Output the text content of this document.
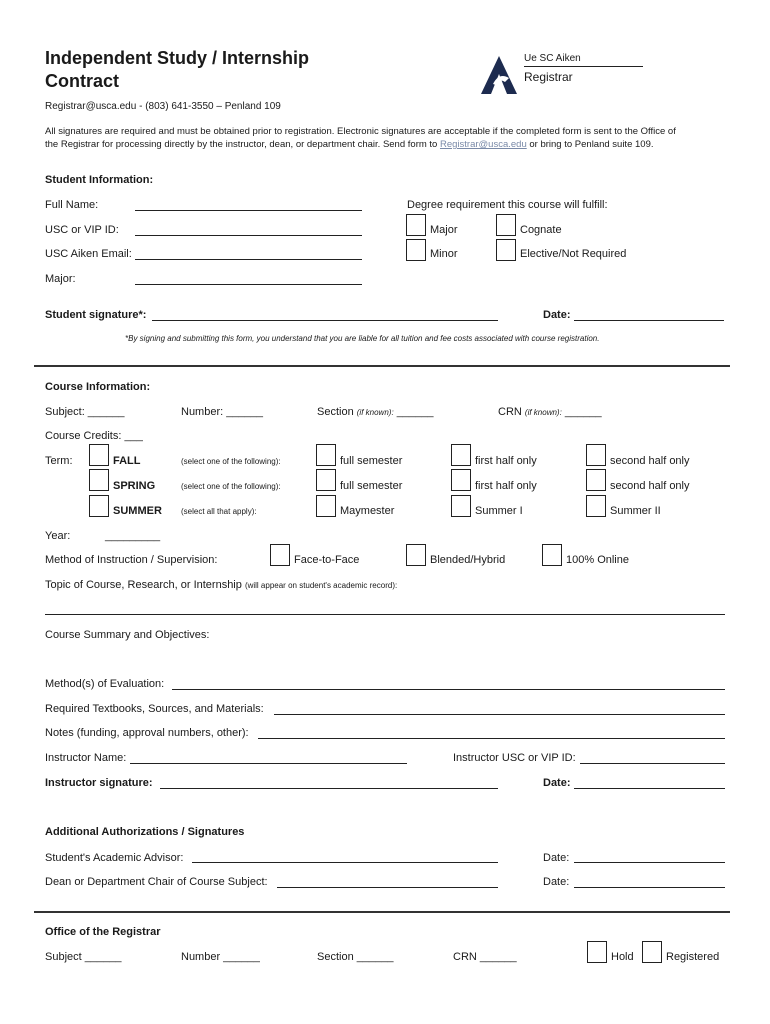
Independent Study / Internship
Contract
Ue SC Aiken
Registrar
Registrar@usca.edu - (803) 641-3550 – Penland 109
All signatures are required and must be obtained prior to registration. Electronic signatures are acceptable if the completed form is sent to the Office of
the Registrar for processing directly by the instructor, dean, or department chair. Send form to Registrar@usca.edu or bring to Penland suite 109.
Student Information:
Full Name:
USC or VIP ID:
USC Aiken Email:
Major:
Degree requirement this course will fulfill:
Major	Cognate
Minor	Elective/Not Required
Student signature*:	Date:
*By signing and submitting this form, you understand that you are liable for all tuition and fee costs associated with course registration.
Course Information:
Subject: ______	Number: ______	Section (if known): ______	CRN (if known): ______
Course Credits: ___
Term:	FALL	(select one of the following):	full semester	first half only	second half only
SPRING	(select one of the following):	full semester	first half only	second half only
SUMMER (select all that apply):	Maymester	Summer I	Summer II
Year:	_________
Method of Instruction / Supervision:	Face-to-Face	Blended/Hybrid	100% Online
Topic of Course, Research, or Internship (will appear on student's academic record):
Course Summary and Objectives:
Method(s) of Evaluation:
Required Textbooks, Sources, and Materials:
Notes (funding, approval numbers, other):
Instructor Name:	Instructor USC or VIP ID:
Instructor signature:	Date:
Additional Authorizations / Signatures
Student's Academic Advisor:	Date:
Dean or Department Chair of Course Subject:	Date:
Office of the Registrar
Subject ______	Number ______	Section ______	CRN ______	Hold	Registered
